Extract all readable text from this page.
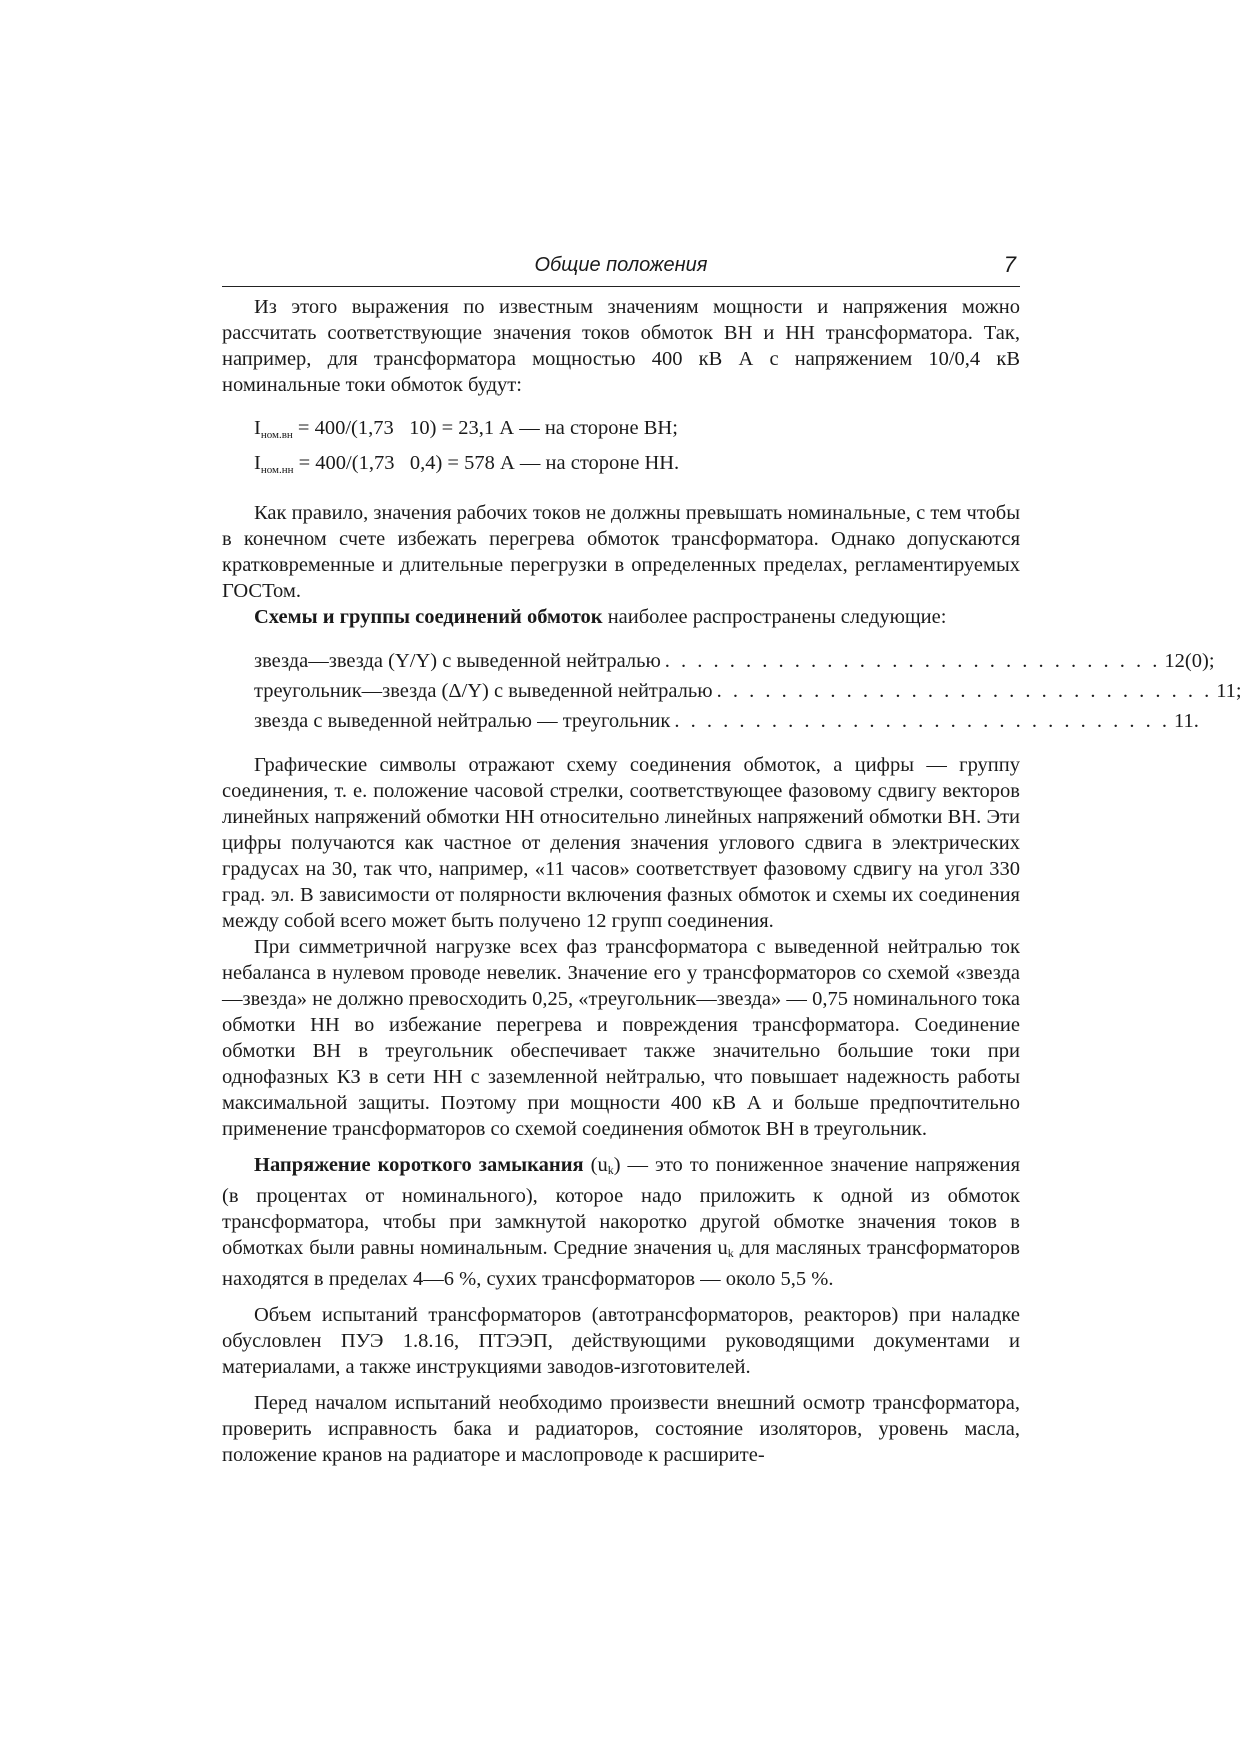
Общие положения	7

Из этого выражения по известным значениям мощности и напряжения можно рассчитать соответствующие значения токов обмоток ВН и НН трансформатора. Так, например, для трансформатора мощностью 400 кВ А с напряжением 10/0,4 кВ номинальные токи обмоток будут:

$I_{ном.вн} = 400/(1,73$   10) = 23,1 А — на стороне ВН;
$I_{ном.нн} = 400/(1,73$   0,4) = 578 А — на стороне НН.

Как правило, значения рабочих токов не должны превышать номинальные, с тем чтобы в конечном счете избежать перегрева обмоток трансформатора. Однако допускаются кратковременные и длительные перегрузки в определенных пределах, регламентируемых ГОСТом.

Схемы и группы соединений обмоток наиболее распространены следующие:

звезда—звезда (Y/Y) с выведенной нейтралью . . . . . . . . . . . . . . . . . . . . . . . . . . . . . . . 12(0);
треугольник—звезда (Δ/Y) с выведенной нейтралью . . . . . . . . . . . . . . . . . . . . . . . . . . . . . . . 11;
звезда с выведенной нейтралью — треугольник . . . . . . . . . . . . . . . . . . . . . . . . . . . . . . . 11.

Графические символы отражают схему соединения обмоток, а цифры — группу соединения, т. е. положение часовой стрелки, соответствующее фазовому сдвигу векторов линейных напряжений обмотки НН относительно линейных напряжений обмотки ВН. Эти цифры получаются как частное от деления значения углового сдвига в электрических градусах на 30, так что, например, «11 часов» соответствует фазовому сдвигу на угол 330 град. эл. В зависимости от полярности включения фазных обмоток и схемы их соединения между собой всего может быть получено 12 групп соединения.

При симметричной нагрузке всех фаз трансформатора с выведенной нейтралью ток небаланса в нулевом проводе невелик. Значение его у трансформаторов со схемой «звезда—звезда» не должно превосходить 0,25, «треугольник—звезда» — 0,75 номинального тока обмотки НН во избежание перегрева и повреждения трансформатора. Соединение обмотки ВН в треугольник обеспечивает также значительно большие токи при однофазных КЗ в сети НН с заземленной нейтралью, что повышает надежность работы максимальной защиты. Поэтому при мощности 400 кВ А и больше предпочтительно применение трансформаторов со схемой соединения обмоток ВН в треугольник.

Напряжение короткого замыкания $(u_k)$ — это то пониженное значение напряжения (в процентах от номинального), которое надо приложить к одной из обмоток трансформатора, чтобы при замкнутой накоротко другой обмотке значения токов в обмотках были равны номинальным. Средние значения $u_k$ для масляных трансформаторов находятся в пределах 4—6 %, сухих трансформаторов — около 5,5 %.

Объем испытаний трансформаторов (автотрансформаторов, реакторов) при наладке обусловлен ПУЭ 1.8.16, ПТЭЭП, действующими руководящими документами и материалами, а также инструкциями заводов-изготовителей.

Перед началом испытаний необходимо произвести внешний осмотр трансформатора, проверить исправность бака и радиаторов, состояние изоляторов, уровень масла, положение кранов на радиаторе и маслопроводе к расширите-
